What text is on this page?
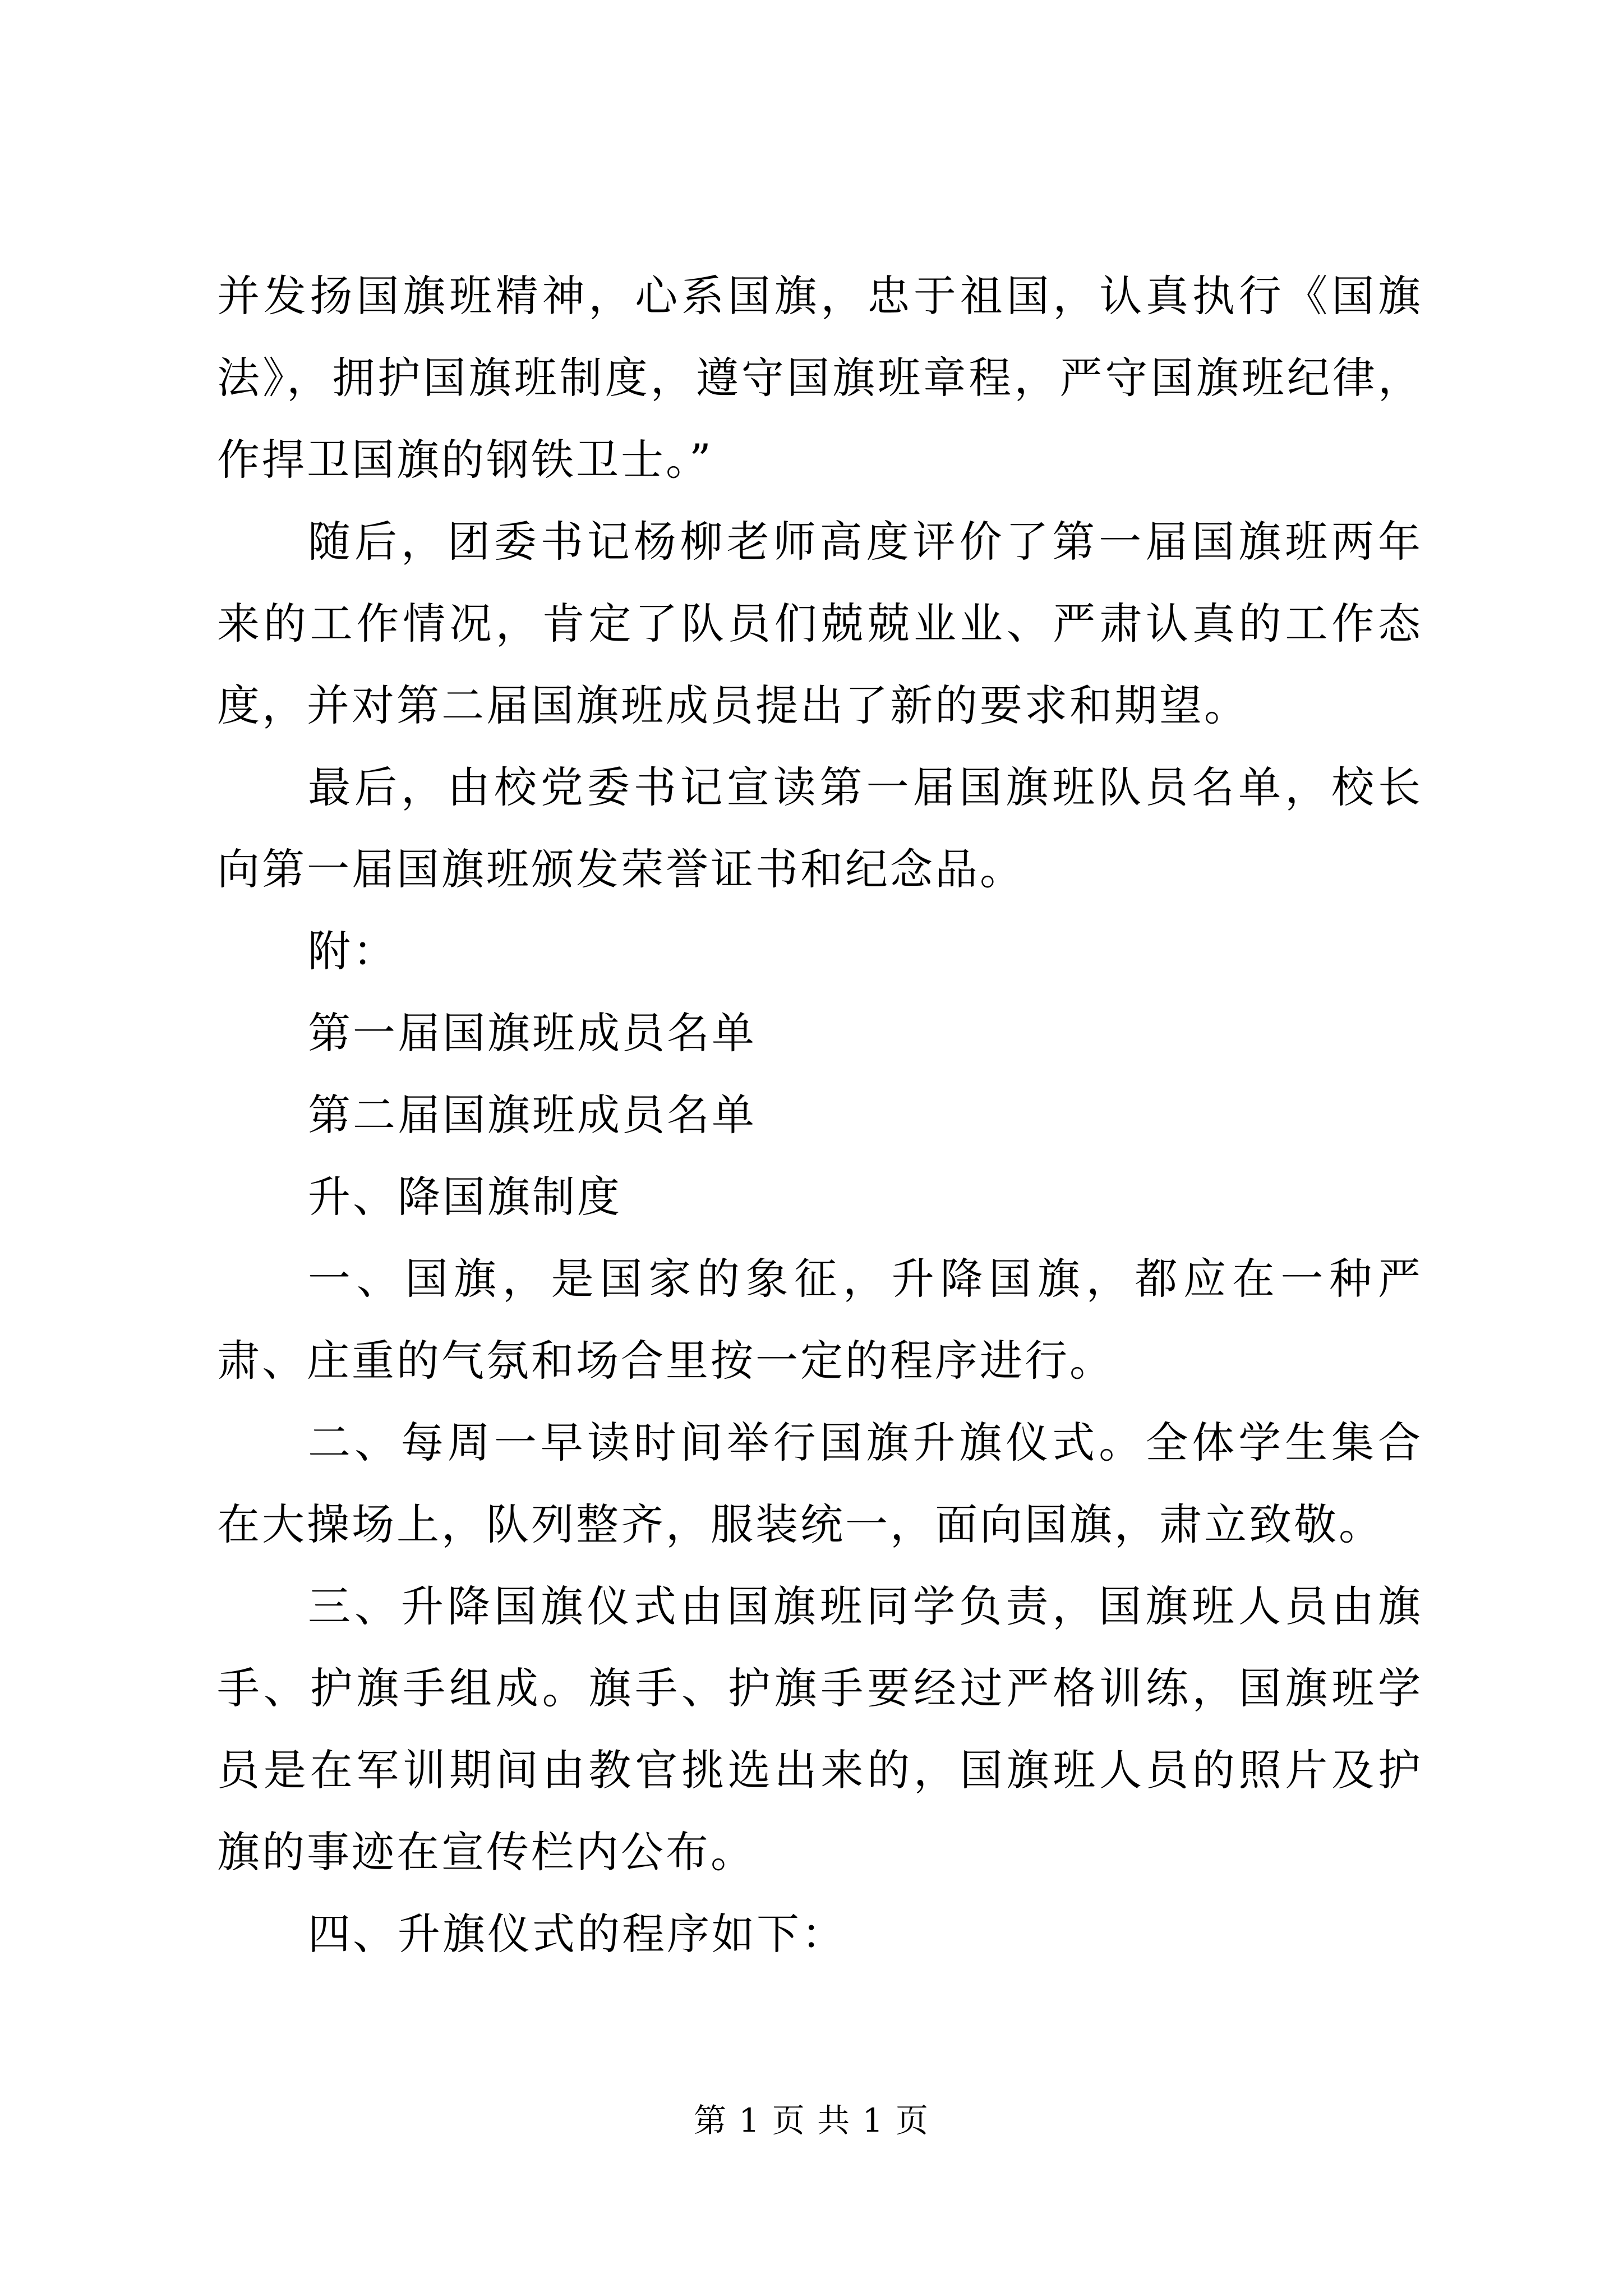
并发扬国旗班精神，心系国旗，忠于祖国，认真执行《国旗法》，拥护国旗班制度，遵守国旗班章程，严守国旗班纪律，作捍卫国旗的钢铁卫士。”

随后，团委书记杨柳老师高度评价了第一届国旗班两年来的工作情况，肯定了队员们兢兢业业、严肃认真的工作态度，并对第二届国旗班成员提出了新的要求和期望。

最后，由校党委书记宣读第一届国旗班队员名单，校长向第一届国旗班颁发荣誉证书和纪念品。

附：

第一届国旗班成员名单

第二届国旗班成员名单

升、降国旗制度

一、国旗，是国家的象征，升降国旗，都应在一种严肃、庄重的气氛和场合里按一定的程序进行。

二、每周一早读时间举行国旗升旗仪式。全体学生集合在大操场上，队列整齐，服装统一，面向国旗，肃立致敬。

三、升降国旗仪式由国旗班同学负责，国旗班人员由旗手、护旗手组成。旗手、护旗手要经过严格训练，国旗班学员是在军训期间由教官挑选出来的，国旗班人员的照片及护旗的事迹在宣传栏内公布。

四、升旗仪式的程序如下：

第 1 页 共 1 页
